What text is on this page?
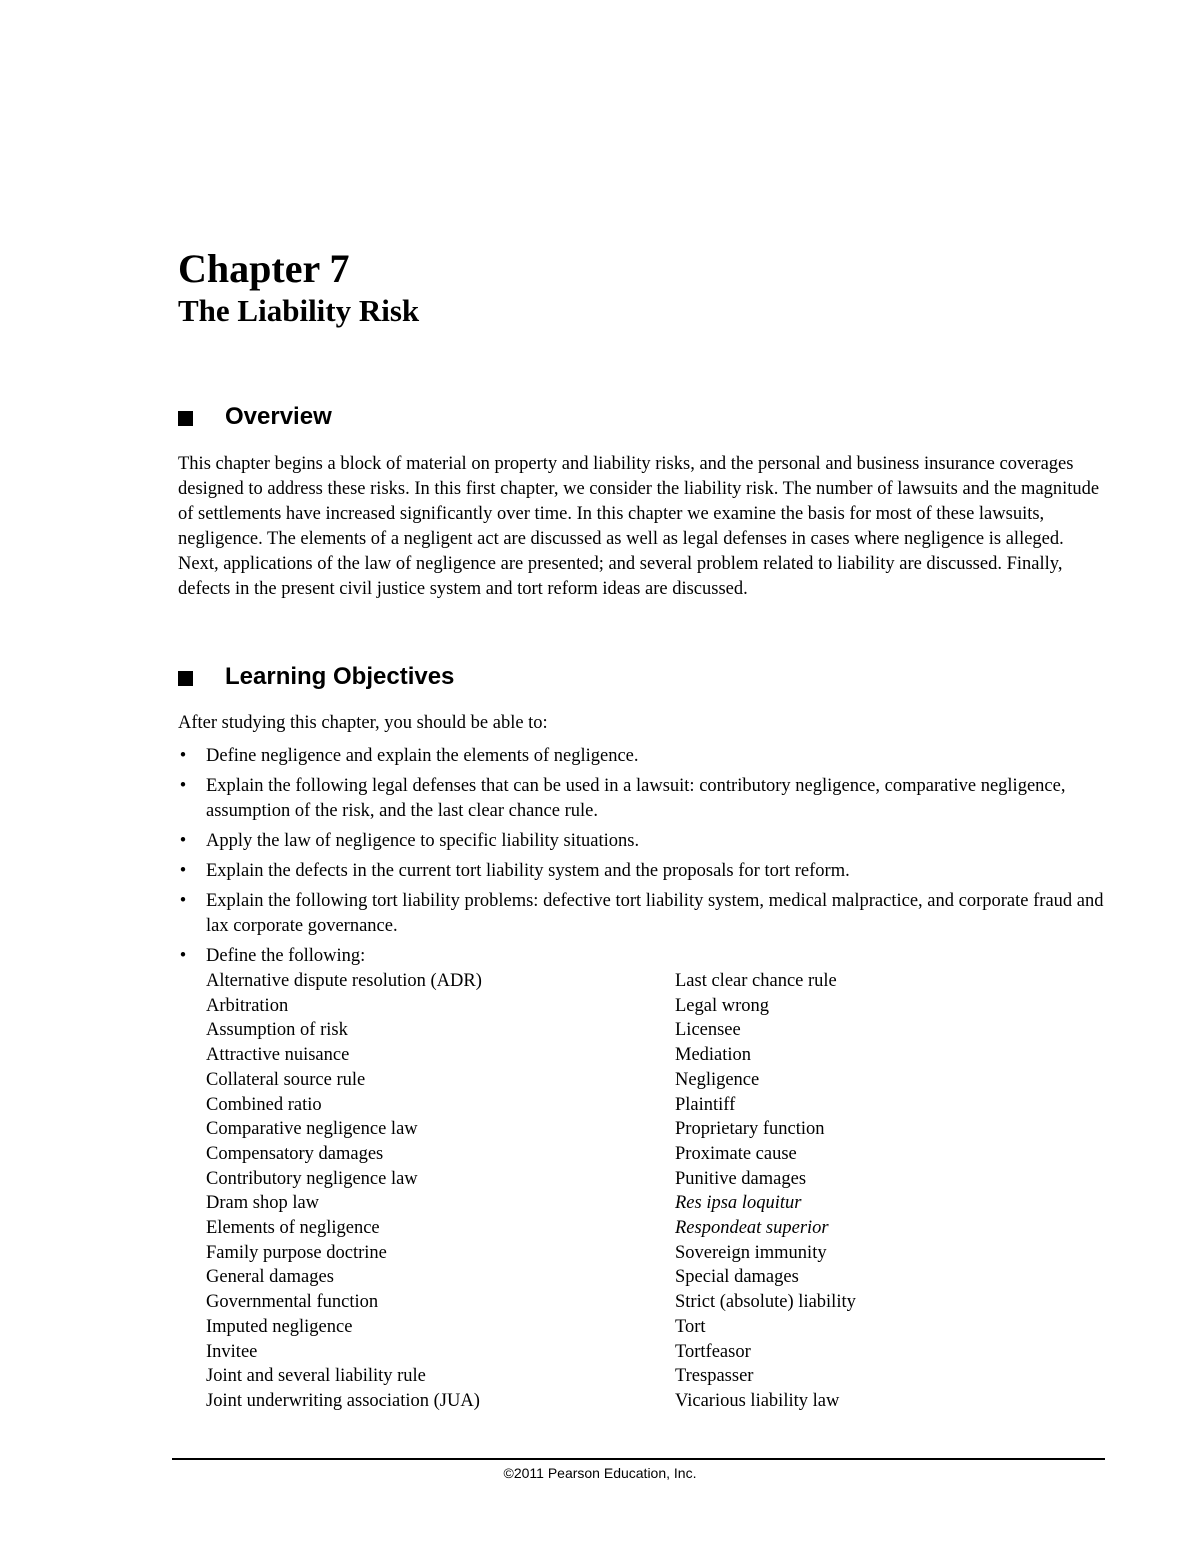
Chapter 7
The Liability Risk
Overview

This chapter begins a block of material on property and liability risks, and the personal and business insurance coverages designed to address these risks. In this first chapter, we consider the liability risk. The number of lawsuits and the magnitude of settlements have increased significantly over time. In this chapter we examine the basis for most of these lawsuits, negligence. The elements of a negligent act are discussed as well as legal defenses in cases where negligence is alleged. Next, applications of the law of negligence are presented; and several problem related to liability are discussed. Finally, defects in the present civil justice system and tort reform ideas are discussed.

Learning Objectives

After studying this chapter, you should be able to:

• Define negligence and explain the elements of negligence.
• Explain the following legal defenses that can be used in a lawsuit: contributory negligence, comparative negligence, assumption of the risk, and the last clear chance rule.
• Apply the law of negligence to specific liability situations.
• Explain the defects in the current tort liability system and the proposals for tort reform.
• Explain the following tort liability problems: defective tort liability system, medical malpractice, and corporate fraud and lax corporate governance.
• Define the following:
Alternative dispute resolution (ADR)
Arbitration
Assumption of risk
Attractive nuisance
Collateral source rule
Combined ratio
Comparative negligence law
Compensatory damages
Contributory negligence law
Dram shop law
Elements of negligence
Family purpose doctrine
General damages
Governmental function
Imputed negligence
Invitee
Joint and several liability rule
Joint underwriting association (JUA)
Last clear chance rule
Legal wrong
Licensee
Mediation
Negligence
Plaintiff
Proprietary function
Proximate cause
Punitive damages
Res ipsa loquitur
Respondeat superior
Sovereign immunity
Special damages
Strict (absolute) liability
Tort
Tortfeasor
Trespasser
Vicarious liability law

©2011 Pearson Education, Inc.
